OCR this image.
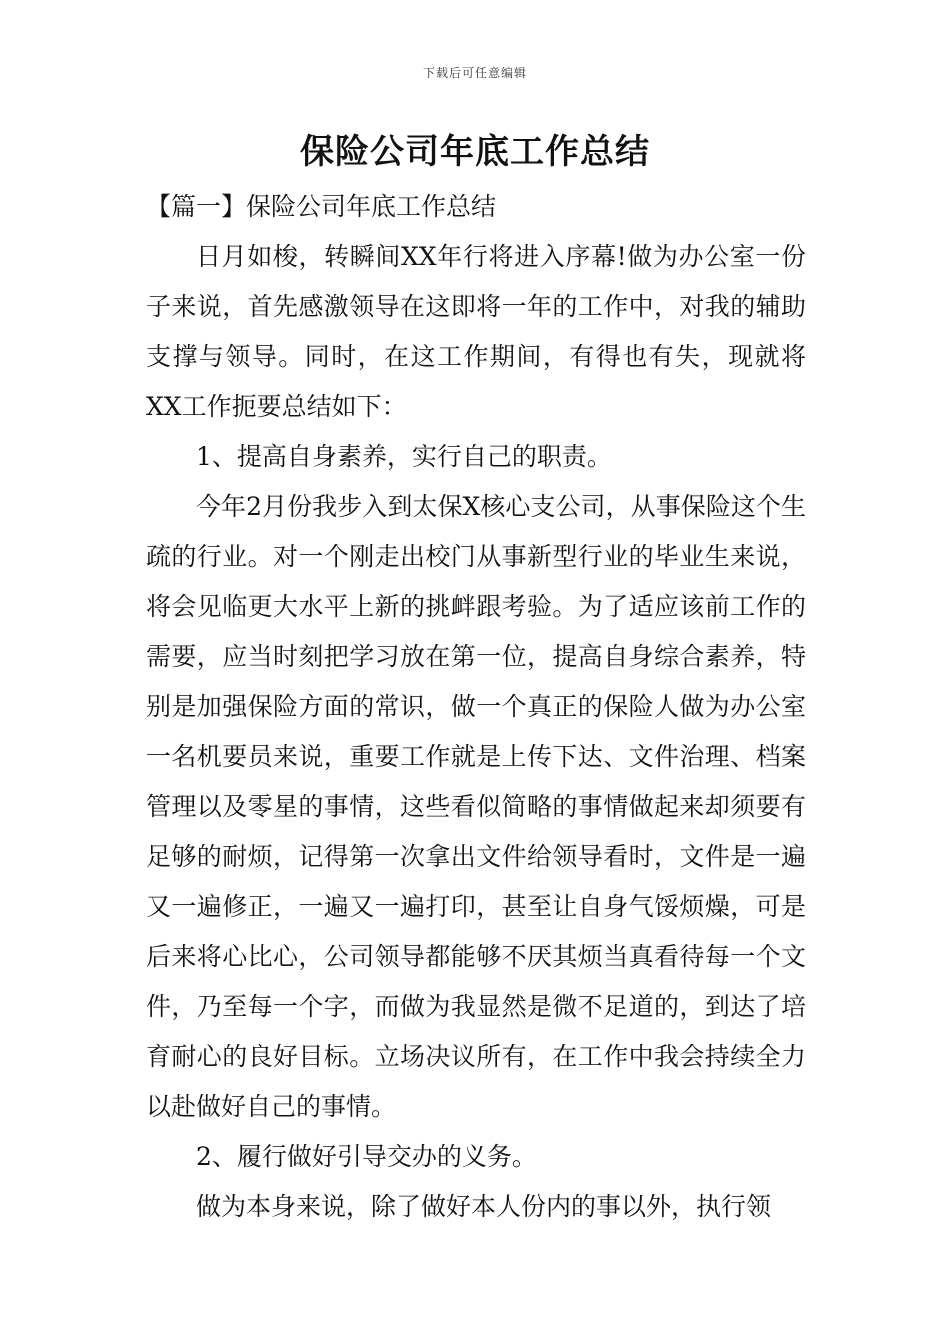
下载后可任意编辑
保险公司年底工作总结

【篇一】保险公司年底工作总结

日月如梭，转瞬间XX年行将进入序幕!做为办公室一份子来说，首先感激领导在这即将一年的工作中，对我的辅助支撑与领导。同时，在这工作期间，有得也有失，现就将XX工作扼要总结如下：

1、提高自身素养，实行自己的职责。

今年2月份我步入到太保X核心支公司，从事保险这个生疏的行业。对一个刚走出校门从事新型行业的毕业生来说，将会见临更大水平上新的挑衅跟考验。为了适应该前工作的需要，应当时刻把学习放在第一位，提高自身综合素养，特别是加强保险方面的常识，做一个真正的保险人做为办公室一名机要员来说，重要工作就是上传下达、文件治理、档案管理以及零星的事情，这些看似简略的事情做起来却须要有足够的耐烦，记得第一次拿出文件给领导看时，文件是一遍又一遍修正，一遍又一遍打印，甚至让自身气馁烦燥，可是后来将心比心，公司领导都能够不厌其烦当真看待每一个文件，乃至每一个字，而做为我显然是微不足道的，到达了培育耐心的良好目标。立场决议所有，在工作中我会持续全力以赴做好自己的事情。

2、履行做好引导交办的义务。

做为本身来说，除了做好本人份内的事以外，执行领
